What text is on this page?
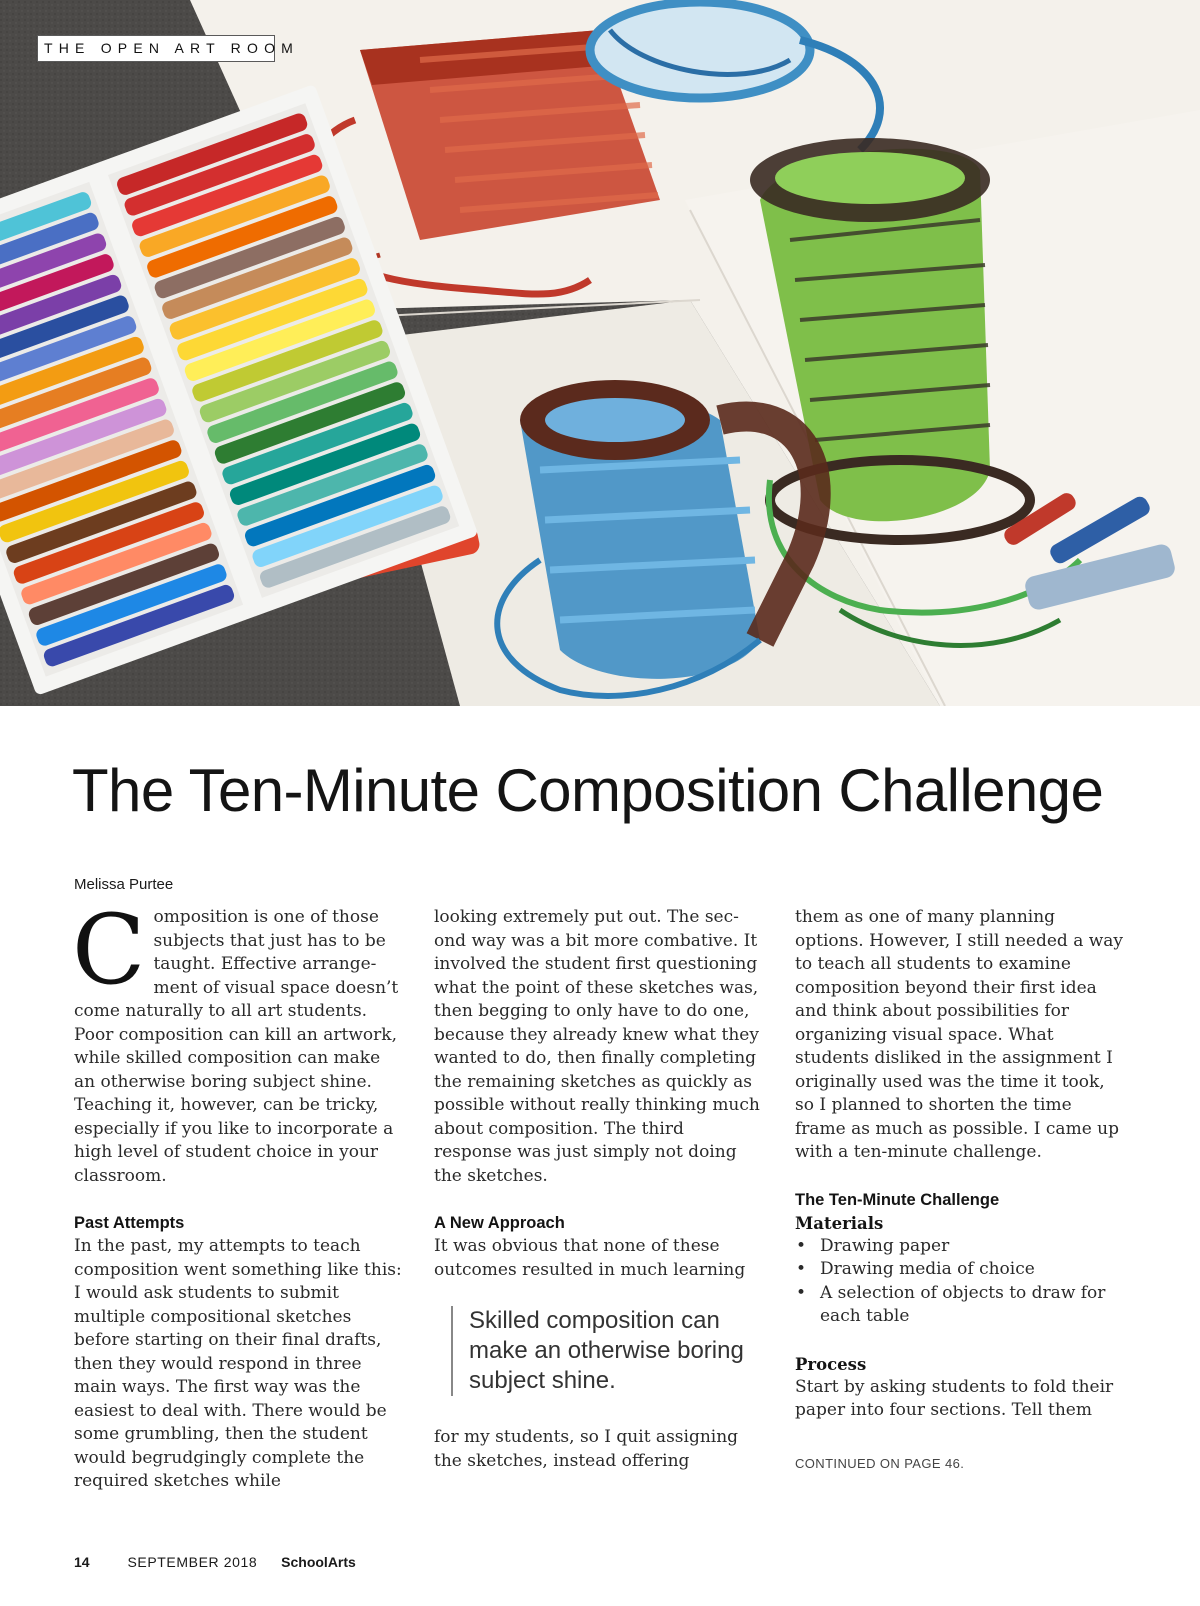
THE OPEN ART ROOM
The Ten-Minute Composition Challenge
Melissa Purtee

Composition is one of those subjects that just has to be taught. Effective arrangement of visual space doesn’t come naturally to all art students. Poor composition can kill an artwork, while skilled composition can make an otherwise boring subject shine. Teaching it, however, can be tricky, especially if you like to incorporate a high level of student choice in your classroom.

Past Attempts

In the past, my attempts to teach composition went something like this: I would ask students to submit multiple compositional sketches before starting on their final drafts, then they would respond in three main ways. The first way was the easiest to deal with. There would be some grumbling, then the student would begrudgingly complete the required sketches while

looking extremely put out. The second way was a bit more combative. It involved the student first questioning what the point of these sketches was, then begging to only have to do one, because they already knew what they wanted to do, then finally completing the remaining sketches as quickly as possible without really thinking much about composition. The third response was just simply not doing the sketches.

A New Approach

It was obvious that none of these outcomes resulted in much learning

Skilled composition can make an otherwise boring subject shine.

for my students, so I quit assigning the sketches, instead offering

them as one of many planning options. However, I still needed a way to teach all students to examine composition beyond their first idea and think about possibilities for organizing visual space. What students disliked in the assignment I originally used was the time it took, so I planned to shorten the time frame as much as possible. I came up with a ten-minute challenge.

The Ten-Minute Challenge
Materials
• Drawing paper
• Drawing media of choice
• A selection of objects to draw for each table
Process

Start by asking students to fold their paper into four sections. Tell them

CONTINUED ON PAGE 46.
14	SEPTEMBER 2018 SchoolArts
